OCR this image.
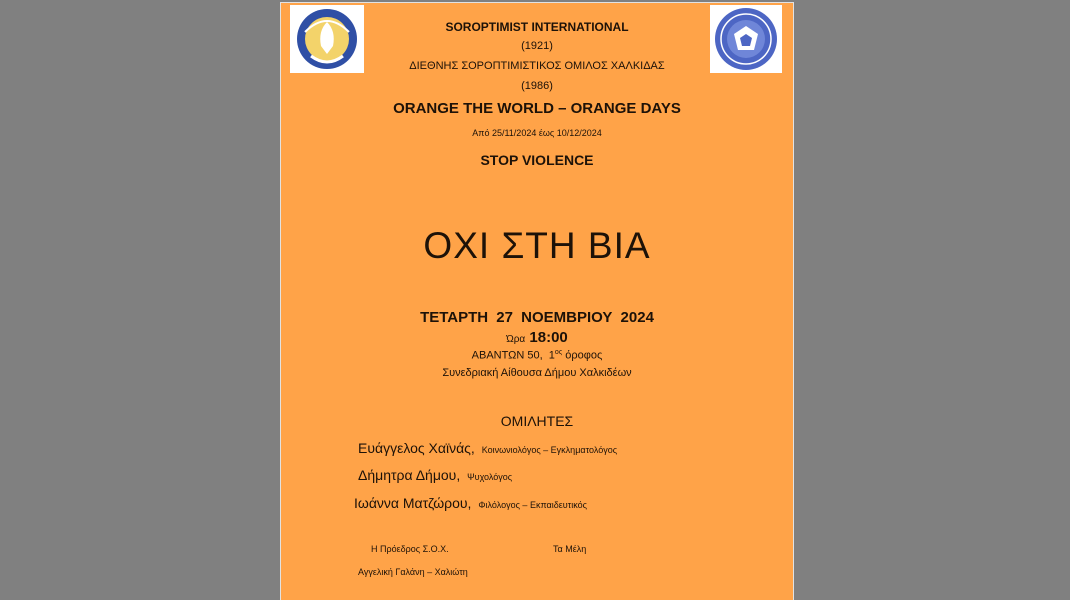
SOROPTIMIST INTERNATIONAL
(1921)
ΔΙΕΘΝΗΣ ΣΟΡΟΠΤΙΜΙΣΤΙΚΟΣ ΟΜΙΛΟΣ ΧΑΛΚΙΔΑΣ
(1986)
ORANGE THE WORLD – ORANGE DAYS
Από 25/11/2024 έως 10/12/2024
STOP VIOLENCE
ΟΧΙ ΣΤΗ ΒΙΑ
ΤΕΤΑΡΤΗ 27 ΝΟΕΜΒΡΙΟΥ 2024
Ώρα 18:00
ΑΒΑΝΤΩΝ 50, $1^{o\varsigma}$ όροφος
Συνεδριακή Αίθουσα Δήμου Χαλκιδέων
ΟΜΙΛΗΤΕΣ
Ευάγγελος Χαϊνάς, Κοινωνιολόγος – Εγκληματολόγος
Δήμητρα Δήμου, Ψυχολόγος
Ιωάννα Ματζώρου, Φιλόλογος – Εκπαιδευτικός
Η Πρόεδρος Σ.Ο.Χ.	Τα Μέλη
Αγγελική Γαλάνη – Χαλιώτη
